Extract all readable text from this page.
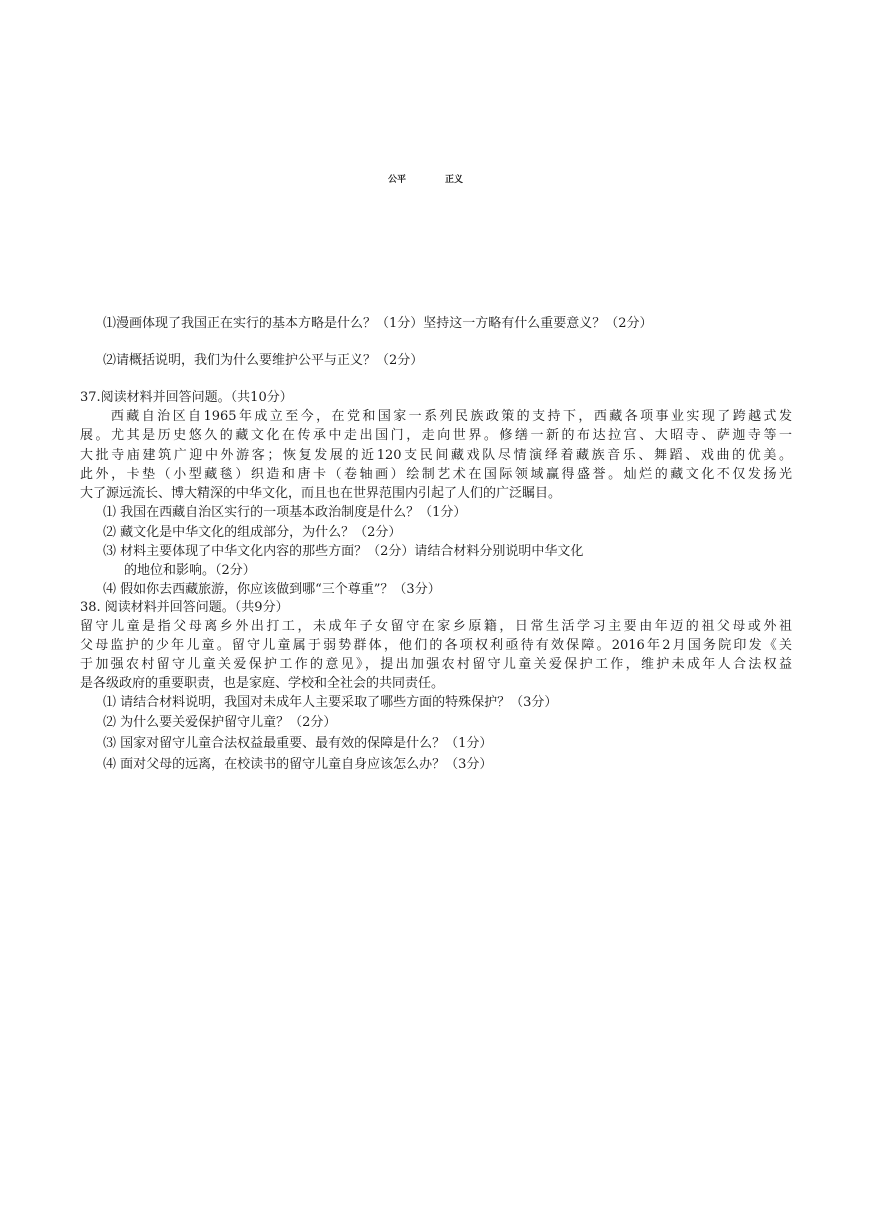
公平	正义
⑴漫画体现了我国正在实行的基本方略是什么？（1分）坚持这一方略有什么重要意义？（2分）
⑵请概括说明，我们为什么要维护公平与正义？（2分）
37.阅读材料并回答问题。（共10分）
　　西藏自治区自1965年成立至今，在党和国家一系列民族政策的支持下，西藏各项事业实现了跨越式发
展。尤其是历史悠久的藏文化在传承中走出国门，走向世界。修缮一新的布达拉宫、大昭寺、萨迦寺等一
大批寺庙建筑广迎中外游客；恢复发展的近120支民间藏戏队尽情演绎着藏族音乐、舞蹈、戏曲的优美。
此外，卡垫（小型藏毯）织造和唐卡（卷轴画）绘制艺术在国际领域赢得盛誉。灿烂的藏文化不仅发扬光
大了源远流长、博大精深的中华文化，而且也在世界范围内引起了人们的广泛瞩目。
⑴ 我国在西藏自治区实行的一项基本政治制度是什么？（1分）
⑵ 藏文化是中华文化的组成部分，为什么？（2分）
⑶ 材料主要体现了中华文化内容的那些方面？（2分）请结合材料分别说明中华文化
的地位和影响。（2分）
⑷ 假如你去西藏旅游，你应该做到哪“三个尊重”？（3分）
38. 阅读材料并回答问题。（共9分）
留守儿童是指父母离乡外出打工，未成年子女留守在家乡原籍，日常生活学习主要由年迈的祖父母或外祖
父母监护的少年儿童。留守儿童属于弱势群体，他们的各项权利亟待有效保障。2016年2月国务院印发《关
于加强农村留守儿童关爱保护工作的意见》，提出加强农村留守儿童关爱保护工作，维护未成年人合法权益
是各级政府的重要职责，也是家庭、学校和全社会的共同责任。
⑴ 请结合材料说明，我国对未成年人主要采取了哪些方面的特殊保护？（3分）
⑵ 为什么要关爱保护留守儿童？（2分）
⑶ 国家对留守儿童合法权益最重要、最有效的保障是什么？（1分）
⑷ 面对父母的远离，在校读书的留守儿童自身应该怎么办？（3分）
